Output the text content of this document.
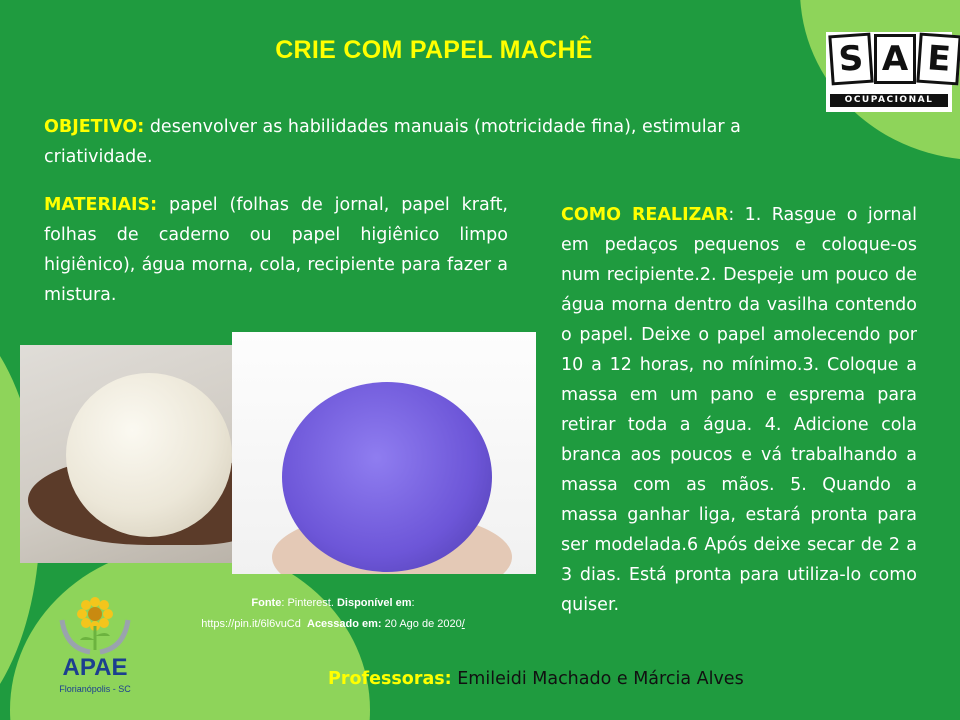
CRIE COM PAPEL MACHÊ	S A E
OCUPACIONAL
OBJETIVO: desenvolver as habilidades manuais (motricidade fina), estimular a criatividade.
MATERIAIS: papel (folhas de jornal, papel kraft, folhas de caderno ou papel higiênico limpo higiênico), água morna, cola, recipiente para fazer a mistura.
COMO REALIZAR: 1. Rasgue o jornal em pedaços pequenos e coloque-os num recipiente.2. Despeje um pouco de água morna dentro da vasilha contendo o papel. Deixe o papel amolecendo por 10 a 12 horas, no mínimo.3. Coloque a massa em um pano e esprema para retirar toda a água. 4. Adicione cola branca aos poucos e vá trabalhando a massa com as mãos. 5. Quando a massa ganhar liga, estará pronta para ser modelada.6 Após deixe secar de 2 a 3 dias. Está pronta para utiliza-lo como quiser.
Fonte: Pinterest. Disponível em:
https://pin.it/6l6vuCd Acessado em: 20 Ago de 2020/
APAE
Florianópolis - SC	Professoras: Emileidi Machado e Márcia Alves
